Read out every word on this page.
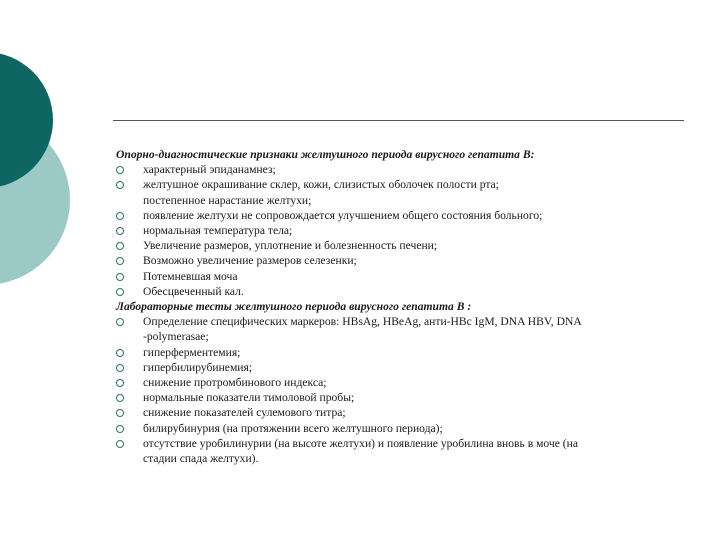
Опорно-диагностические признаки желтушного периода вирусного гепатита В:
характерный эпиданамнез;
желтушное окрашивание склер, кожи, слизистых оболочек полости рта;
постепенное нарастание желтухи;
появление желтухи не сопровождается улучшением общего состояния больного;
нормальная температура тела;
Увеличение размеров, уплотнение и болезненность печени;
Возможно увеличение размеров селезенки;
Потемневшая моча
Обесцвеченный кал.
Лабораторные тесты желтушного периода вирусного гепатита В :
Определение специфических маркеров: HBsAg, HBeAg, анти-HBc IgM, DNA HBV, DNA
-polymerasae;
гиперферментемия;
гипербилирубинемия;
снижение протромбинового индекса;
нормальные показатели тимоловой пробы;
снижение показателей сулемового титра;
билирубинурия (на протяжении всего желтушного периода);
отсутствие уробилинурии (на высоте желтухи) и появление уробилина вновь в моче (на
стадии спада желтухи).
